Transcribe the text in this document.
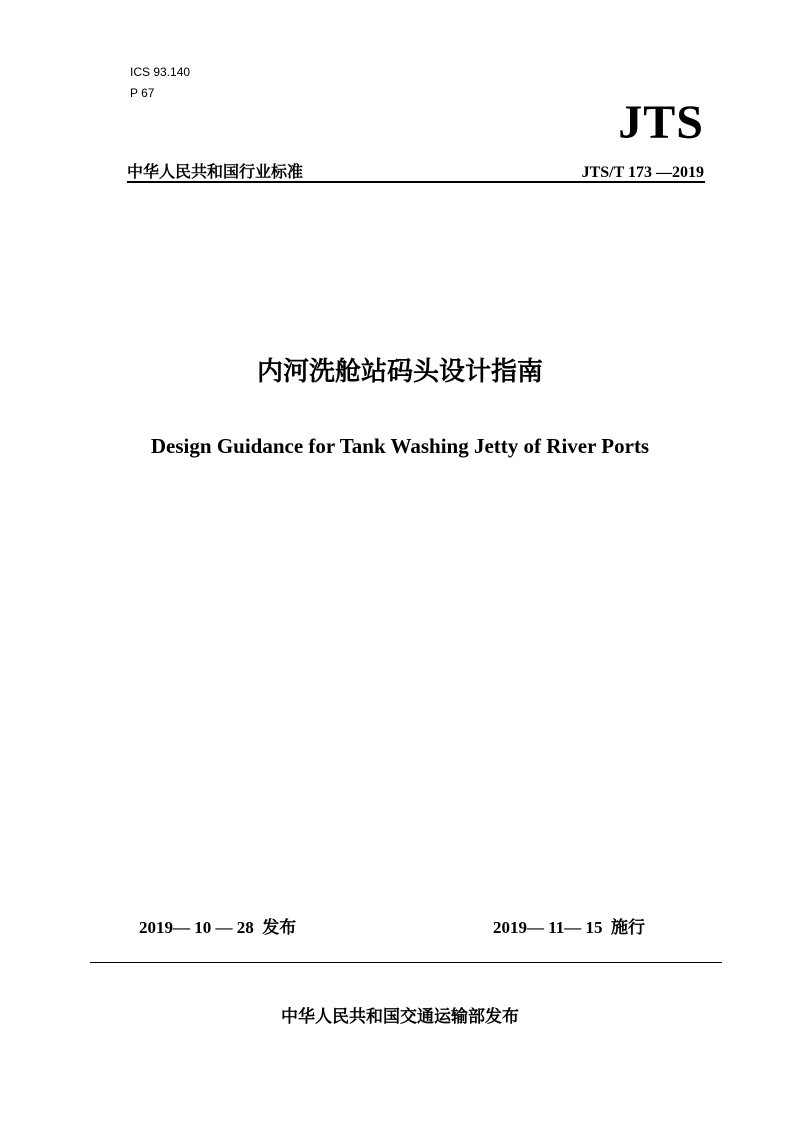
ICS 93.140
P 67
JTS
中华人民共和国行业标准	JTS/T 173 —2019
内河洗舱站码头设计指南
Design Guidance for Tank Washing Jetty of River Ports
2019— 10 — 28  发布	2019— 11— 15  施行
中华人民共和国交通运输部发布
